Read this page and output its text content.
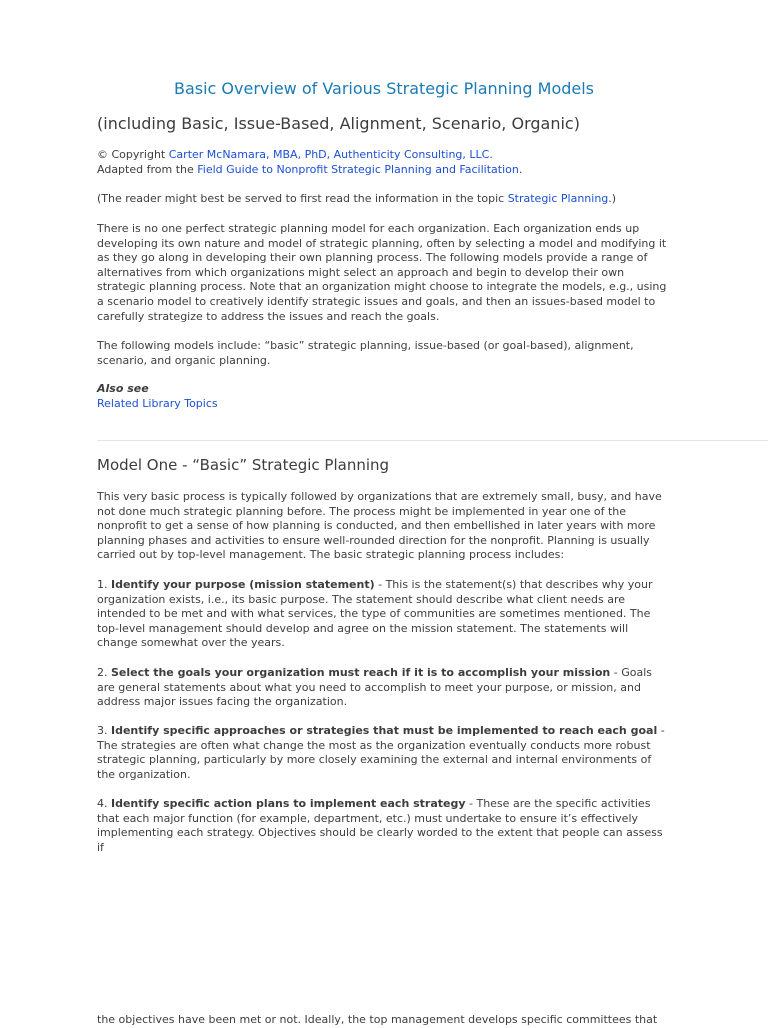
Basic Overview of Various Strategic Planning Models
(including Basic, Issue-Based, Alignment, Scenario, Organic)

© Copyright Carter McNamara, MBA, PhD, Authenticity Consulting, LLC.
Adapted from the Field Guide to Nonprofit Strategic Planning and Facilitation.

(The reader might best be served to first read the information in the topic Strategic Planning.)

There is no one perfect strategic planning model for each organization. Each organization ends up developing its own nature and model of strategic planning, often by selecting a model and modifying it as they go along in developing their own planning process. The following models provide a range of alternatives from which organizations might select an approach and begin to develop their own strategic planning process. Note that an organization might choose to integrate the models, e.g., using a scenario model to creatively identify strategic issues and goals, and then an issues-based model to carefully strategize to address the issues and reach the goals.

The following models include: “basic” strategic planning, issue-based (or goal-based), alignment, scenario, and organic planning.

Also see
Related Library Topics

Model One - “Basic” Strategic Planning

This very basic process is typically followed by organizations that are extremely small, busy, and have not done much strategic planning before. The process might be implemented in year one of the nonprofit to get a sense of how planning is conducted, and then embellished in later years with more planning phases and activities to ensure well-rounded direction for the nonprofit. Planning is usually carried out by top-level management. The basic strategic planning process includes:

1. Identify your purpose (mission statement) - This is the statement(s) that describes why your organization exists, i.e., its basic purpose. The statement should describe what client needs are intended to be met and with what services, the type of communities are sometimes mentioned. The top-level management should develop and agree on the mission statement. The statements will change somewhat over the years.

2. Select the goals your organization must reach if it is to accomplish your mission - Goals are general statements about what you need to accomplish to meet your purpose, or mission, and address major issues facing the organization.

3. Identify specific approaches or strategies that must be implemented to reach each goal - The strategies are often what change the most as the organization eventually conducts more robust strategic planning, particularly by more closely examining the external and internal environments of the organization.

4. Identify specific action plans to implement each strategy - These are the specific activities that each major function (for example, department, etc.) must undertake to ensure it’s effectively implementing each strategy. Objectives should be clearly worded to the extent that people can assess if

the objectives have been met or not. Ideally, the top management develops specific committees that
